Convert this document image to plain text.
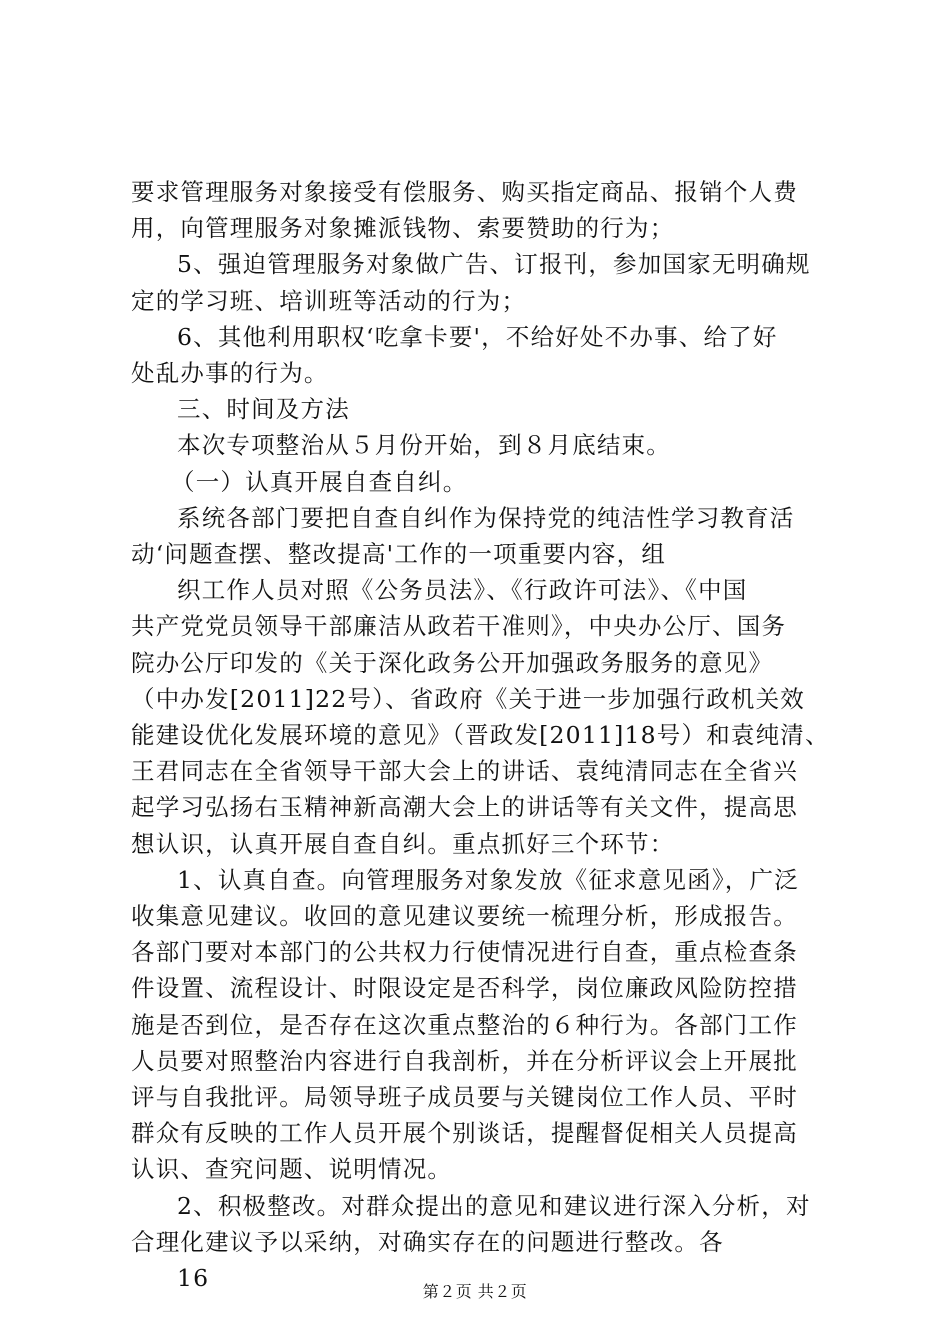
要求管理服务对象接受有偿服务、购买指定商品、报销个人费
用，向管理服务对象摊派钱物、索要赞助的行为；
5、强迫管理服务对象做广告、订报刊，参加国家无明确规
定的学习班、培训班等活动的行为；
6、其他利用职权‘吃拿卡要'，不给好处不办事、给了好
处乱办事的行为。
三、时间及方法
本次专项整治从５月份开始，到８月底结束。
（一）认真开展自查自纠。
系统各部门要把自查自纠作为保持党的纯洁性学习教育活
动‘问题查摆、整改提高'工作的一项重要内容，组
织工作人员对照《公务员法》、《行政许可法》、《中国
共产党党员领导干部廉洁从政若干准则》，中央办公厅、国务
院办公厅印发的《关于深化政务公开加强政务服务的意见》
（中办发[2011]22号）、省政府《关于进一步加强行政机关效
能建设优化发展环境的意见》（晋政发[2011]18号）和袁纯清、
王君同志在全省领导干部大会上的讲话、袁纯清同志在全省兴
起学习弘扬右玉精神新高潮大会上的讲话等有关文件，提高思
想认识，认真开展自查自纠。重点抓好三个环节：
1、认真自查。向管理服务对象发放《征求意见函》，广泛
收集意见建议。收回的意见建议要统一梳理分析，形成报告。
各部门要对本部门的公共权力行使情况进行自查，重点检查条
件设置、流程设计、时限设定是否科学，岗位廉政风险防控措
施是否到位，是否存在这次重点整治的６种行为。各部门工作
人员要对照整治内容进行自我剖析，并在分析评议会上开展批
评与自我批评。局领导班子成员要与关键岗位工作人员、平时
群众有反映的工作人员开展个别谈话，提醒督促相关人员提高
认识、查究问题、说明情况。
2、积极整改。对群众提出的意见和建议进行深入分析，对
合理化建议予以采纳，对确实存在的问题进行整改。各
16	第２页 共２页
